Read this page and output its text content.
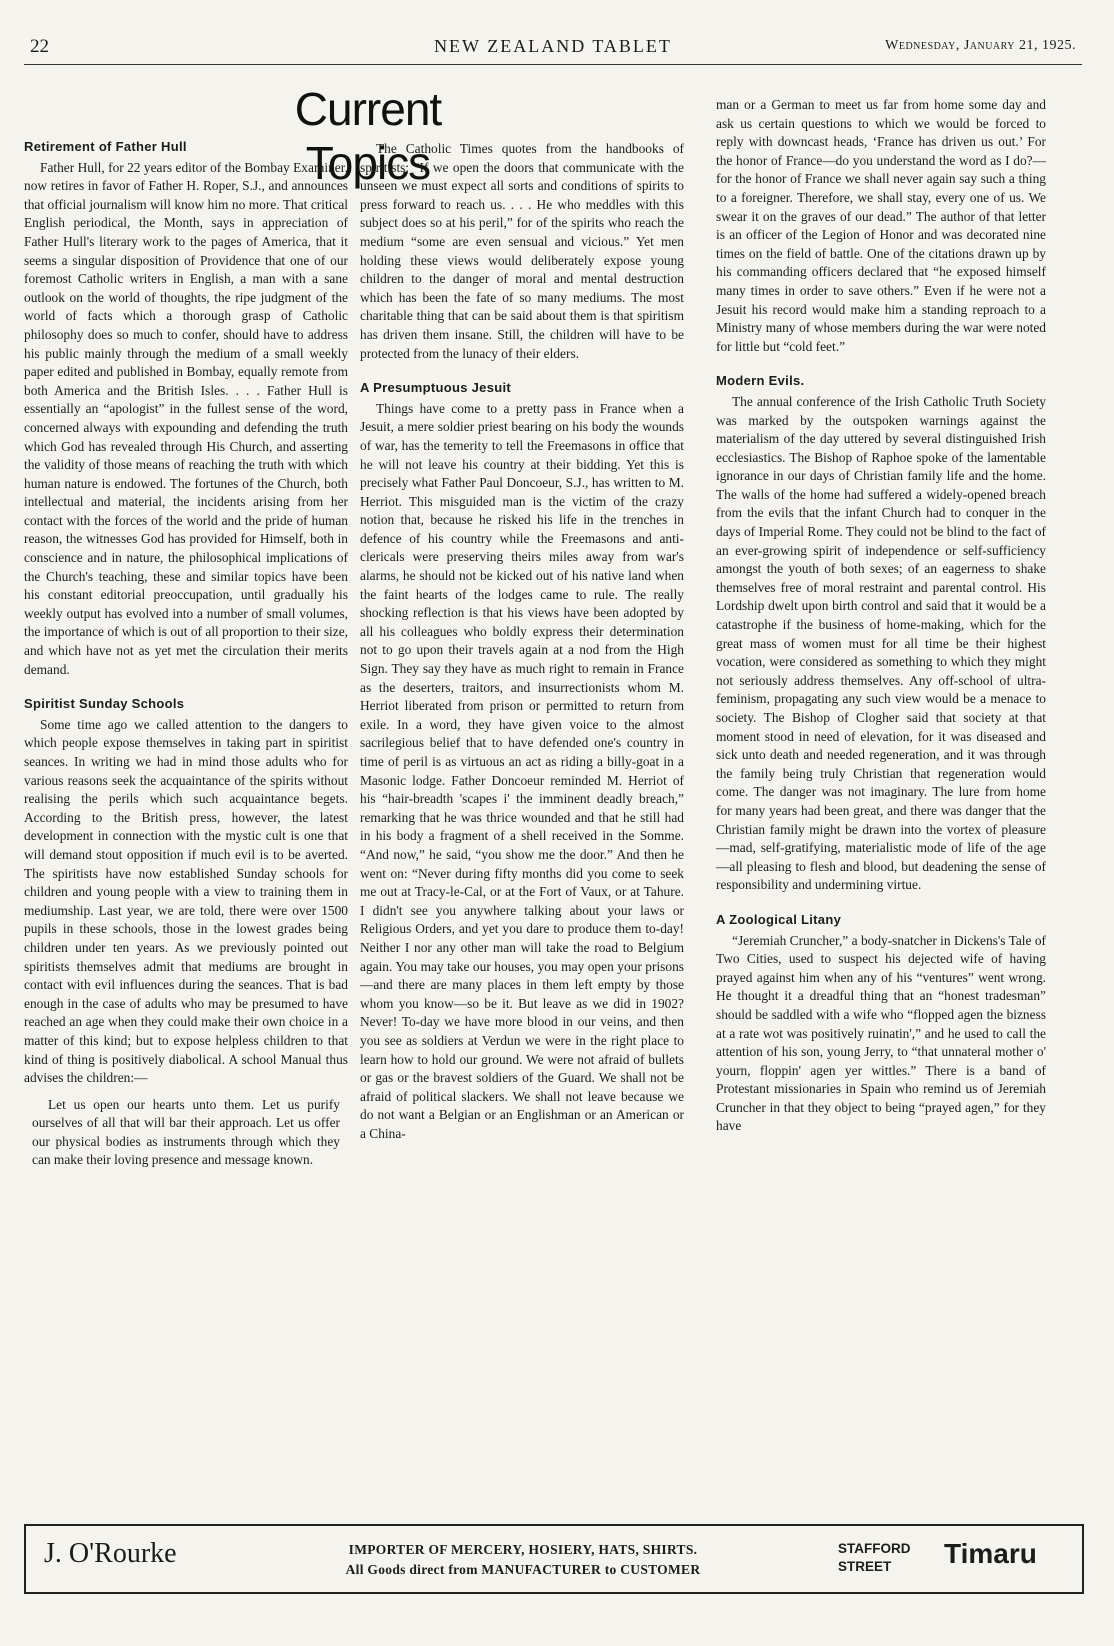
22	NEW ZEALAND TABLET	Wednesday, January 21, 1925.
Current Topics
Retirement of Father Hull

Father Hull, for 22 years editor of the Bombay Examiner, now retires in favor of Father H. Roper, S.J., and announces that official journalism will know him no more. That critical English periodical, the Month, says in appreciation of Father Hull's literary work to the pages of America, that it seems a singular disposition of Providence that one of our foremost Catholic writers in English, a man with a sane outlook on the world of thoughts, the ripe judgment of the world of facts which a thorough grasp of Catholic philosophy does so much to confer, should have to address his public mainly through the medium of a small weekly paper edited and published in Bombay, equally remote from both America and the British Isles. . . . Father Hull is essentially an “apologist” in the fullest sense of the word, concerned always with expounding and defending the truth which God has revealed through His Church, and asserting the validity of those means of reaching the truth with which human nature is endowed. The fortunes of the Church, both intellectual and material, the incidents arising from her contact with the forces of the world and the pride of human reason, the witnesses God has provided for Himself, both in conscience and in nature, the philosophical implications of the Church's teaching, these and similar topics have been his constant editorial preoccupation, until gradually his weekly output has evolved into a number of small volumes, the importance of which is out of all proportion to their size, and which have not as yet met the circulation their merits demand.

Spiritist Sunday Schools

Some time ago we called attention to the dangers to which people expose themselves in taking part in spiritist seances. In writing we had in mind those adults who for various reasons seek the acquaintance of the spirits without realising the perils which such acquaintance begets. According to the British press, however, the latest development in connection with the mystic cult is one that will demand stout opposition if much evil is to be averted. The spiritists have now established Sunday schools for children and young people with a view to training them in mediumship. Last year, we are told, there were over 1500 pupils in these schools, those in the lowest grades being children under ten years. As we previously pointed out spiritists themselves admit that mediums are brought in contact with evil influences during the seances. That is bad enough in the case of adults who may be presumed to have reached an age when they could make their own choice in a matter of this kind; but to expose helpless children to that kind of thing is positively diabolical. A school Manual thus advises the children:—

Let us open our hearts unto them. Let us purify ourselves of all that will bar their approach. Let us offer our physical bodies as instruments through which they can make their loving presence and message known.

The Catholic Times quotes from the handbooks of spiritists: “If we open the doors that communicate with the unseen we must expect all sorts and conditions of spirits to press forward to reach us. . . . He who meddles with this subject does so at his peril,” for of the spirits who reach the medium “some are even sensual and vicious.” Yet men holding these views would deliberately expose young children to the danger of moral and mental destruction which has been the fate of so many mediums. The most charitable thing that can be said about them is that spiritism has driven them insane. Still, the children will have to be protected from the lunacy of their elders.

A Presumptuous Jesuit

Things have come to a pretty pass in France when a Jesuit, a mere soldier priest bearing on his body the wounds of war, has the temerity to tell the Freemasons in office that he will not leave his country at their bidding. Yet this is precisely what Father Paul Doncoeur, S.J., has written to M. Herriot. This misguided man is the victim of the crazy notion that, because he risked his life in the trenches in defence of his country while the Freemasons and anti-clericals were preserving theirs miles away from war's alarms, he should not be kicked out of his native land when the faint hearts of the lodges came to rule. The really shocking reflection is that his views have been adopted by all his colleagues who boldly express their determination not to go upon their travels again at a nod from the High Sign. They say they have as much right to remain in France as the deserters, traitors, and insurrectionists whom M. Herriot liberated from prison or permitted to return from exile. In a word, they have given voice to the almost sacrilegious belief that to have defended one's country in time of peril is as virtuous an act as riding a billy-goat in a Masonic lodge. Father Doncoeur reminded M. Herriot of his “hair-breadth 'scapes i' the imminent deadly breach,” remarking that he was thrice wounded and that he still had in his body a fragment of a shell received in the Somme. “And now,” he said, “you show me the door.” And then he went on: “Never during fifty months did you come to seek me out at Tracy-le-Cal, or at the Fort of Vaux, or at Tahure. I didn't see you anywhere talking about your laws or Religious Orders, and yet you dare to produce them to-day! Neither I nor any other man will take the road to Belgium again. You may take our houses, you may open your prisons—and there are many places in them left empty by those whom you know—so be it. But leave as we did in 1902? Never! To-day we have more blood in our veins, and then you see as soldiers at Verdun we were in the right place to learn how to hold our ground. We were not afraid of bullets or gas or the bravest soldiers of the Guard. We shall not be afraid of political slackers. We shall not leave because we do not want a Belgian or an Englishman or an American or a China-

man or a German to meet us far from home some day and ask us certain questions to which we would be forced to reply with downcast heads, ‘France has driven us out.’ For the honor of France—do you understand the word as I do?—for the honor of France we shall never again say such a thing to a foreigner. Therefore, we shall stay, every one of us. We swear it on the graves of our dead.” The author of that letter is an officer of the Legion of Honor and was decorated nine times on the field of battle. One of the citations drawn up by his commanding officers declared that “he exposed himself many times in order to save others.” Even if he were not a Jesuit his record would make him a standing reproach to a Ministry many of whose members during the war were noted for little but “cold feet.”

Modern Evils.

The annual conference of the Irish Catholic Truth Society was marked by the outspoken warnings against the materialism of the day uttered by several distinguished Irish ecclesiastics. The Bishop of Raphoe spoke of the lamentable ignorance in our days of Christian family life and the home. The walls of the home had suffered a widely-opened breach from the evils that the infant Church had to conquer in the days of Imperial Rome. They could not be blind to the fact of an ever-growing spirit of independence or self-sufficiency amongst the youth of both sexes; of an eagerness to shake themselves free of moral restraint and parental control. His Lordship dwelt upon birth control and said that it would be a catastrophe if the business of home-making, which for the great mass of women must for all time be their highest vocation, were considered as something to which they might not seriously address themselves. Any off-school of ultra-feminism, propagating any such view would be a menace to society. The Bishop of Clogher said that society at that moment stood in need of elevation, for it was diseased and sick unto death and needed regeneration, and it was through the family being truly Christian that regeneration would come. The danger was not imaginary. The lure from home for many years had been great, and there was danger that the Christian family might be drawn into the vortex of pleasure—mad, self-gratifying, materialistic mode of life of the age—all pleasing to flesh and blood, but deadening the sense of responsibility and undermining virtue.

A Zoological Litany

“Jeremiah Cruncher,” a body-snatcher in Dickens's Tale of Two Cities, used to suspect his dejected wife of having prayed against him when any of his “ventures” went wrong. He thought it a dreadful thing that an “honest tradesman” should be saddled with a wife who “flopped agen the bizness at a rate wot was positively ruinatin',” and he used to call the attention of his son, young Jerry, to “that unnateral mother o' yourn, floppin' agen yer wittles.” There is a band of Protestant missionaries in Spain who remind us of Jeremiah Cruncher in that they object to being “prayed agen,” for they have

J. O'Rourke	IMPORTER OF MERCERY, HOSIERY, HATS, SHIRTS.
All Goods direct from MANUFACTURER to CUSTOMER
STAFFORD
STREET	Timaru
